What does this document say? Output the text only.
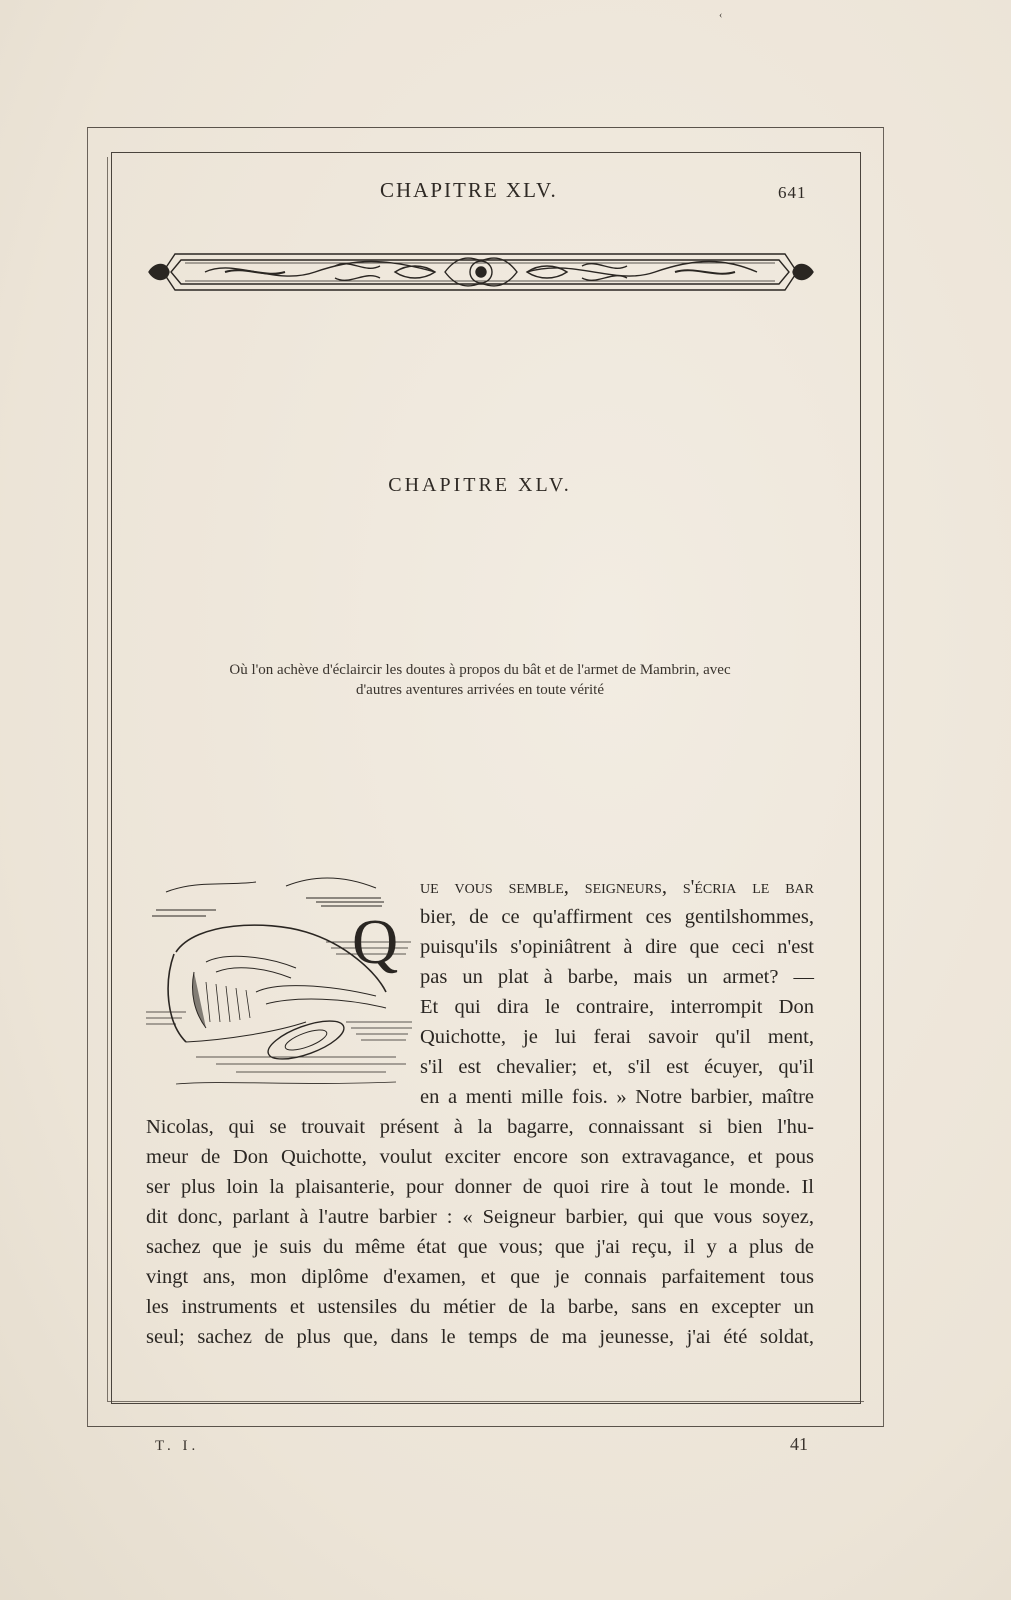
‹
CHAPITRE XLV.	641
CHAPITRE XLV.
Où l'on achève d'éclaircir les doutes à propos du bât et de l'armet de Mambrin, avec
d'autres aventures arrivées en toute vérité
Q
ue vous semble, seigneurs, s'écria le bar
bier, de ce qu'affirment ces gentilshommes,
puisqu'ils s'opiniâtrent à dire que ceci n'est
pas un plat à barbe, mais un armet? —
Et qui dira le contraire, interrompit Don
Quichotte, je lui ferai savoir qu'il ment,
s'il est chevalier; et, s'il est écuyer, qu'il
en a menti mille fois. » Notre barbier, maître
Nicolas, qui se trouvait présent à la bagarre, connaissant si bien l'hu-
meur de Don Quichotte, voulut exciter encore son extravagance, et pous
ser plus loin la plaisanterie, pour donner de quoi rire à tout le monde. Il
dit donc, parlant à l'autre barbier : « Seigneur barbier, qui que vous soyez,
sachez que je suis du même état que vous; que j'ai reçu, il y a plus de
vingt ans, mon diplôme d'examen, et que je connais parfaitement tous
les instruments et ustensiles du métier de la barbe, sans en excepter un
seul; sachez de plus que, dans le temps de ma jeunesse, j'ai été soldat,
T. I.	41
